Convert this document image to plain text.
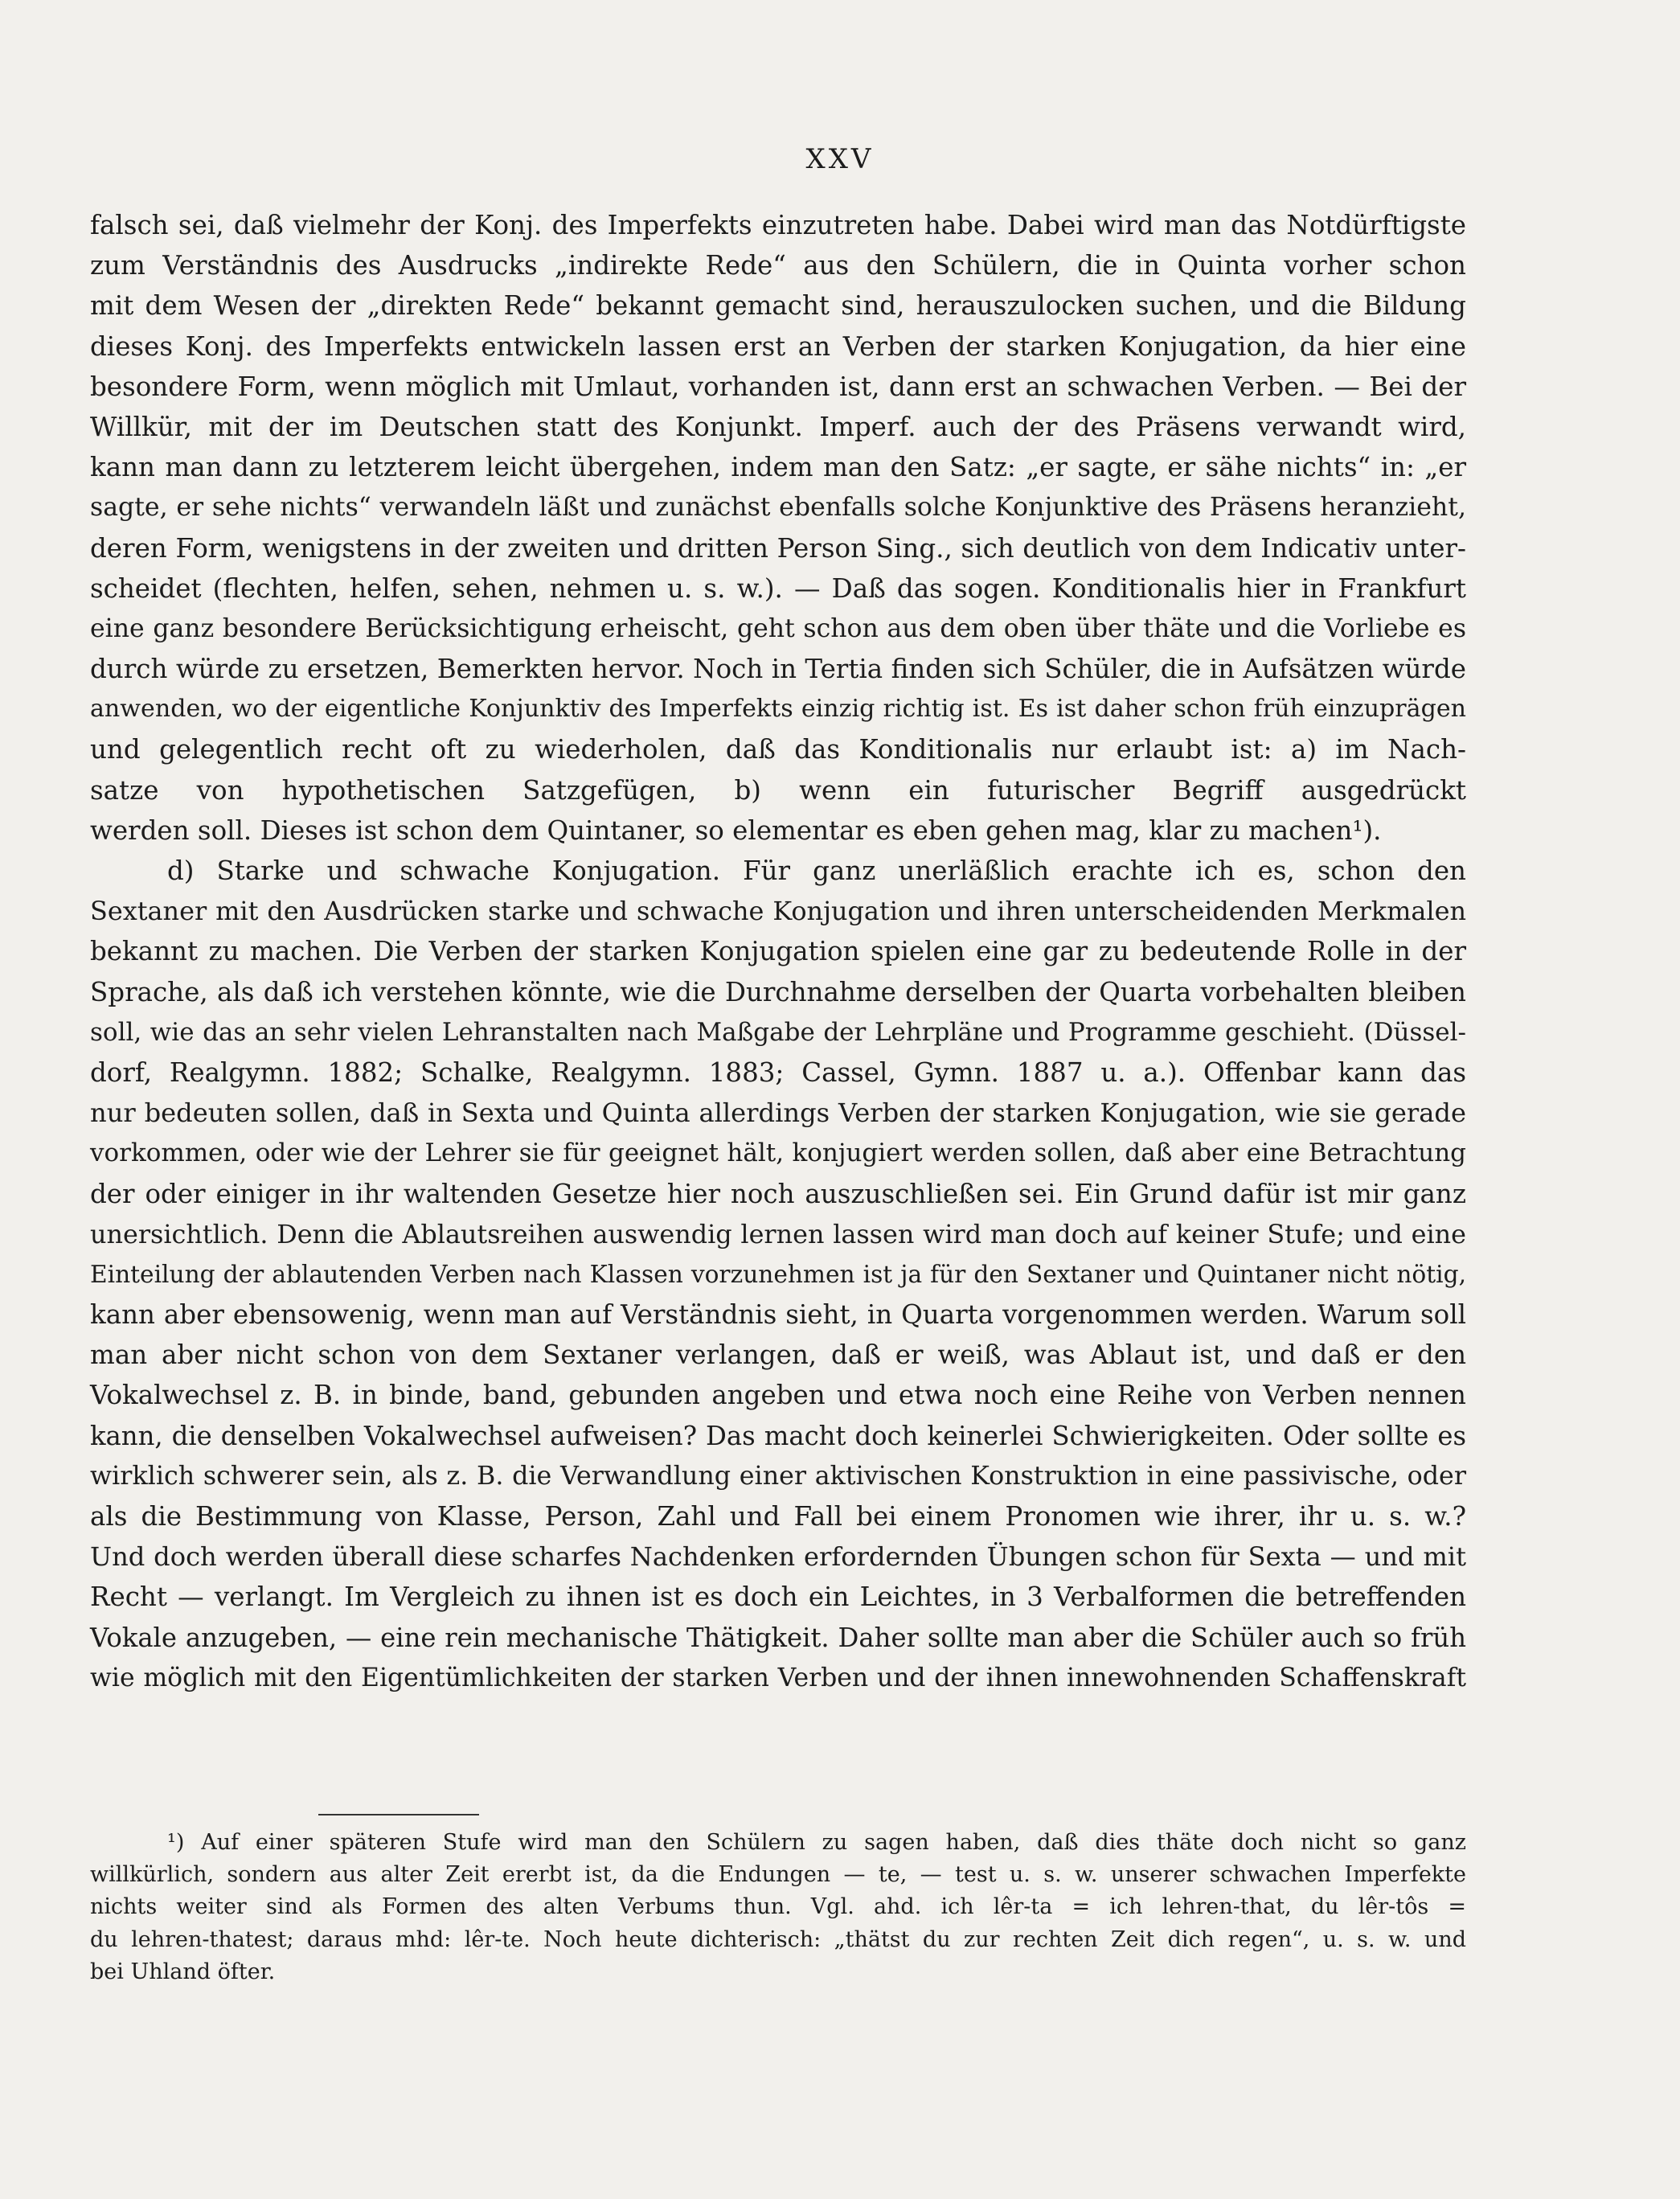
XXV
falsch sei, daß vielmehr der Konj. des Imperfekts einzutreten habe. Dabei wird man das Notdürftigste
zum Verständnis des Ausdrucks „indirekte Rede“ aus den Schülern, die in Quinta vorher schon
mit dem Wesen der „direkten Rede“ bekannt gemacht sind, herauszulocken suchen, und die Bildung
dieses Konj. des Imperfekts entwickeln lassen erst an Verben der starken Konjugation, da hier eine
besondere Form, wenn möglich mit Umlaut, vorhanden ist, dann erst an schwachen Verben. — Bei der
Willkür, mit der im Deutschen statt des Konjunkt. Imperf. auch der des Präsens verwandt wird,
kann man dann zu letzterem leicht übergehen, indem man den Satz: „er sagte, er sähe nichts“ in: „er
sagte, er sehe nichts“ verwandeln läßt und zunächst ebenfalls solche Konjunktive des Präsens heranzieht,
deren Form, wenigstens in der zweiten und dritten Person Sing., sich deutlich von dem Indicativ unter-
scheidet (flechten, helfen, sehen, nehmen u. s. w.). — Daß das sogen. Konditionalis hier in Frankfurt
eine ganz besondere Berücksichtigung erheischt, geht schon aus dem oben über thäte und die Vorliebe es
durch würde zu ersetzen, Bemerkten hervor. Noch in Tertia finden sich Schüler, die in Aufsätzen würde
anwenden, wo der eigentliche Konjunktiv des Imperfekts einzig richtig ist. Es ist daher schon früh einzuprägen
und gelegentlich recht oft zu wiederholen, daß das Konditionalis nur erlaubt ist: a) im Nach-
satze von hypothetischen Satzgefügen, b) wenn ein futurischer Begriff ausgedrückt
werden soll. Dieses ist schon dem Quintaner, so elementar es eben gehen mag, klar zu machen¹).
d) Starke und schwache Konjugation. Für ganz unerläßlich erachte ich es, schon den
Sextaner mit den Ausdrücken starke und schwache Konjugation und ihren unterscheidenden Merkmalen
bekannt zu machen. Die Verben der starken Konjugation spielen eine gar zu bedeutende Rolle in der
Sprache, als daß ich verstehen könnte, wie die Durchnahme derselben der Quarta vorbehalten bleiben
soll, wie das an sehr vielen Lehranstalten nach Maßgabe der Lehrpläne und Programme geschieht. (Düssel-
dorf, Realgymn. 1882; Schalke, Realgymn. 1883; Cassel, Gymn. 1887 u. a.). Offenbar kann das
nur bedeuten sollen, daß in Sexta und Quinta allerdings Verben der starken Konjugation, wie sie gerade
vorkommen, oder wie der Lehrer sie für geeignet hält, konjugiert werden sollen, daß aber eine Betrachtung
der oder einiger in ihr waltenden Gesetze hier noch auszuschließen sei. Ein Grund dafür ist mir ganz
unersichtlich. Denn die Ablautsreihen auswendig lernen lassen wird man doch auf keiner Stufe; und eine
Einteilung der ablautenden Verben nach Klassen vorzunehmen ist ja für den Sextaner und Quintaner nicht nötig,
kann aber ebensowenig, wenn man auf Verständnis sieht, in Quarta vorgenommen werden. Warum soll
man aber nicht schon von dem Sextaner verlangen, daß er weiß, was Ablaut ist, und daß er den
Vokalwechsel z. B. in binde, band, gebunden angeben und etwa noch eine Reihe von Verben nennen
kann, die denselben Vokalwechsel aufweisen? Das macht doch keinerlei Schwierigkeiten. Oder sollte es
wirklich schwerer sein, als z. B. die Verwandlung einer aktivischen Konstruktion in eine passivische, oder
als die Bestimmung von Klasse, Person, Zahl und Fall bei einem Pronomen wie ihrer, ihr u. s. w.?
Und doch werden überall diese scharfes Nachdenken erfordernden Übungen schon für Sexta — und mit
Recht — verlangt. Im Vergleich zu ihnen ist es doch ein Leichtes, in 3 Verbalformen die betreffenden
Vokale anzugeben, — eine rein mechanische Thätigkeit. Daher sollte man aber die Schüler auch so früh
wie möglich mit den Eigentümlichkeiten der starken Verben und der ihnen innewohnenden Schaffenskraft
¹) Auf einer späteren Stufe wird man den Schülern zu sagen haben, daß dies thäte doch nicht so ganz
willkürlich, sondern aus alter Zeit ererbt ist, da die Endungen — te, — test u. s. w. unserer schwachen Imperfekte
nichts weiter sind als Formen des alten Verbums thun. Vgl. ahd. ich lêr-ta = ich lehren-that, du lêr-tôs =
du lehren-thatest; daraus mhd: lêr-te. Noch heute dichterisch: „thätst du zur rechten Zeit dich regen“, u. s. w. und
bei Uhland öfter.
